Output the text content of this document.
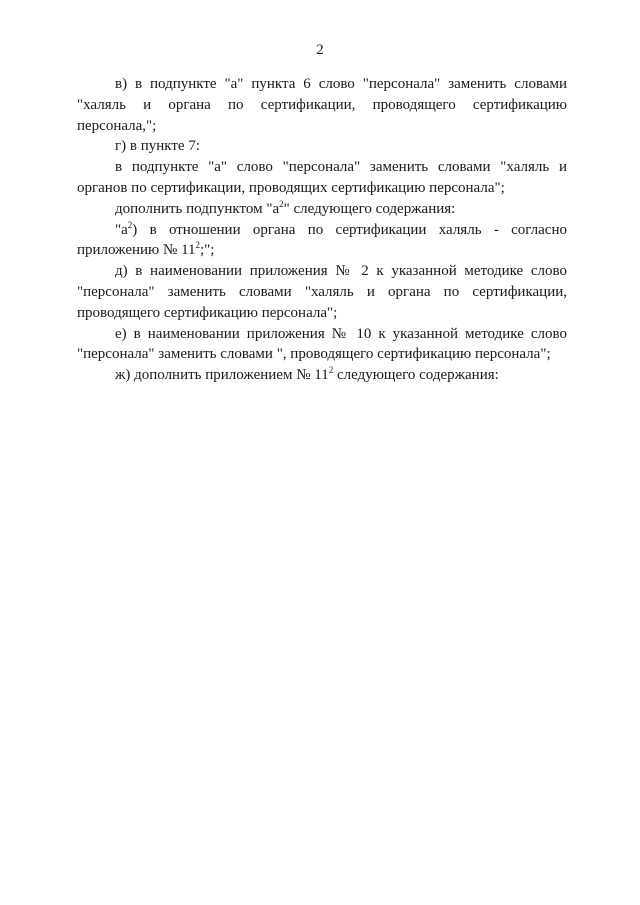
2

в) в подпункте "а" пункта 6 слово "персонала" заменить словами "халяль и органа по сертификации, проводящего сертификацию персонала,";

г) в пункте 7:

в подпункте "а" слово "персонала" заменить словами "халяль и органов по сертификации, проводящих сертификацию персонала";

дополнить подпунктом "$а^2$" следующего содержания:

"$а^2$) в отношении органа по сертификации халяль - согласно приложению № $11^2$;";

д) в наименовании приложения № 2 к указанной методике слово "персонала" заменить словами "халяль и органа по сертификации, проводящего сертификацию персонала";

е) в наименовании приложения № 10 к указанной методике слово "персонала" заменить словами ", проводящего сертификацию персонала";

ж) дополнить приложением № $11^2$ следующего содержания:
